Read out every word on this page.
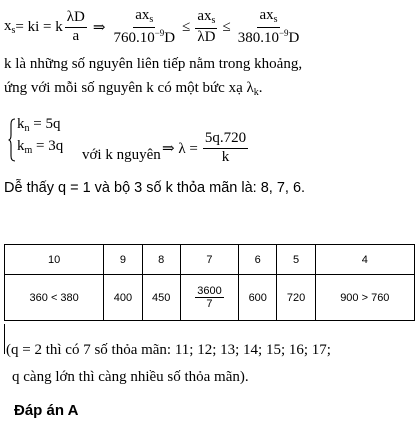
$x_s$ = ki = k $\frac{\lambda D}{a}$ ⇒ $\frac{ax_s}{760.10^{-9}D} \le \frac{ax_s}{\lambda D} \le \frac{ax_s}{380.10^{-9}D}$
k là những số nguyên liên tiếp nằm trong khoảng,
ứng với mỗi số nguyên k có một bức xạ $\lambda_k$.
$k_n = 5q$
$k_m = 3q$
với k nguyên ⇒ $\lambda = \frac{5q.720}{k}$
Dễ thấy q = 1 và bộ 3 số k thỏa mãn là: 8, 7, 6.
10	9	8	7	6	5	4
360 < 380	400	450	$\frac{3600}{7}$	600	720	900 > 760
(q = 2 thì có 7 số thỏa mãn: 11; 12; 13; 14; 15; 16; 17;
q càng lớn thì càng nhiều số thỏa mãn).
Đáp án A
